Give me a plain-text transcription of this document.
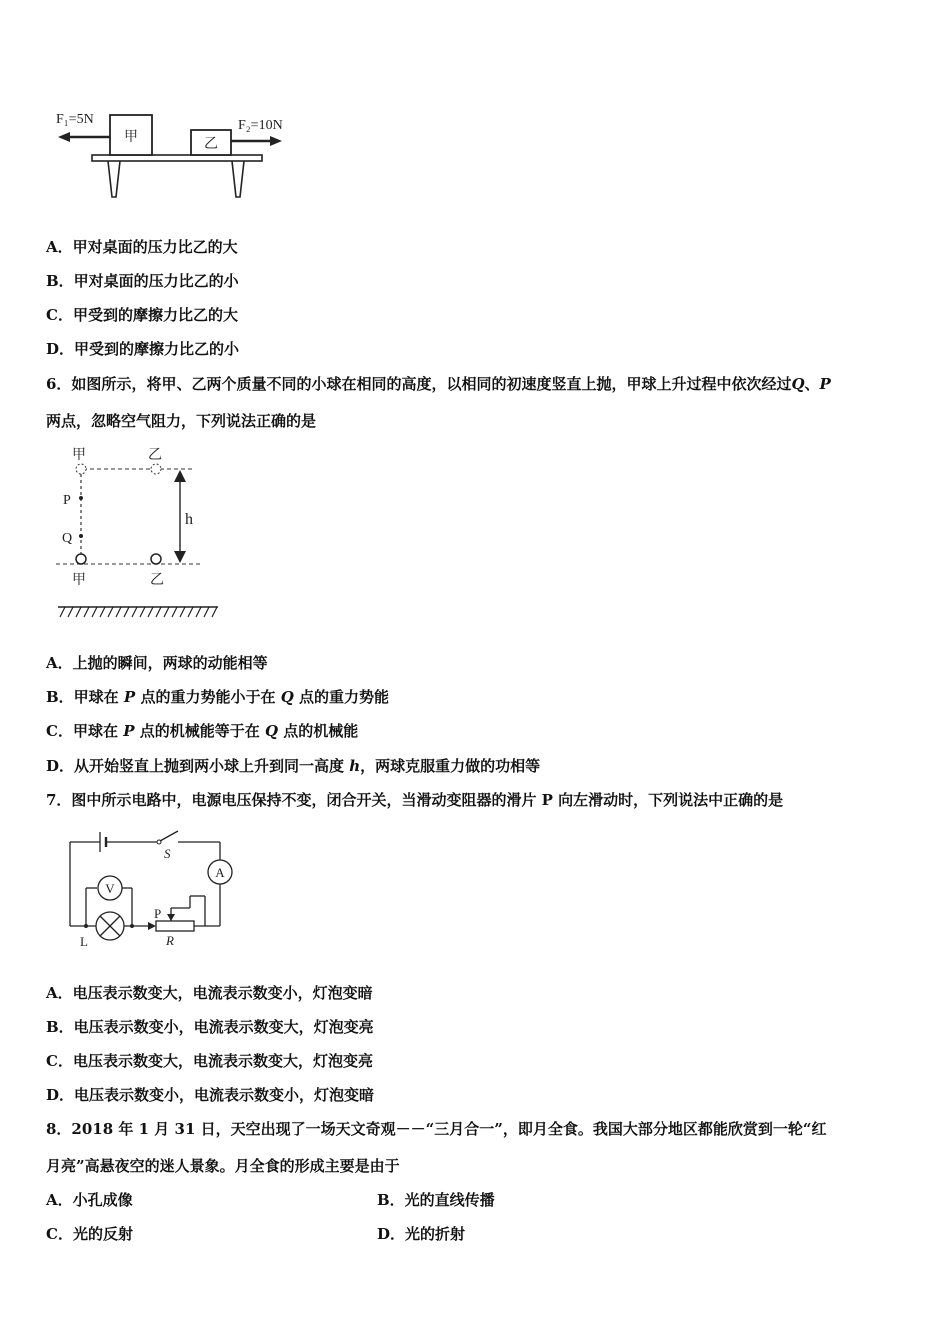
甲	乙
F₁=5N	F₂=10N
A．甲对桌面的压力比乙的大
B．甲对桌面的压力比乙的小
C．甲受到的摩擦力比乙的大
D．甲受到的摩擦力比乙的小
6．如图所示，将甲、乙两个质量不同的小球在相同的高度，以相同的初速度竖直上抛，甲球上升过程中依次经过Q、P
两点，忽略空气阻力，下列说法正确的是
甲	乙
P
Q
h
甲	乙
A．上抛的瞬间，两球的动能相等
B．甲球在 P 点的重力势能小于在 Q 点的重力势能
C．甲球在 P 点的机械能等于在 Q 点的机械能
D．从开始竖直上抛到两小球上升到同一高度 h，两球克服重力做的功相等
7．图中所示电路中，电源电压保持不变，闭合开关，当滑动变阻器的滑片 P 向左滑动时，下列说法中正确的是
S
A
L
V
P
R
A．电压表示数变大，电流表示数变小，灯泡变暗
B．电压表示数变小，电流表示数变大，灯泡变亮
C．电压表示数变大，电流表示数变大，灯泡变亮
D．电压表示数变小，电流表示数变小，灯泡变暗
8．2018 年 1 月 31 日，天空出现了一场天文奇观－－“三月合一”，即月全食。我国大部分地区都能欣赏到一轮“红
月亮”高悬夜空的迷人景象。月全食的形成主要是由于
A．小孔成像	B．光的直线传播
C．光的反射	D．光的折射
